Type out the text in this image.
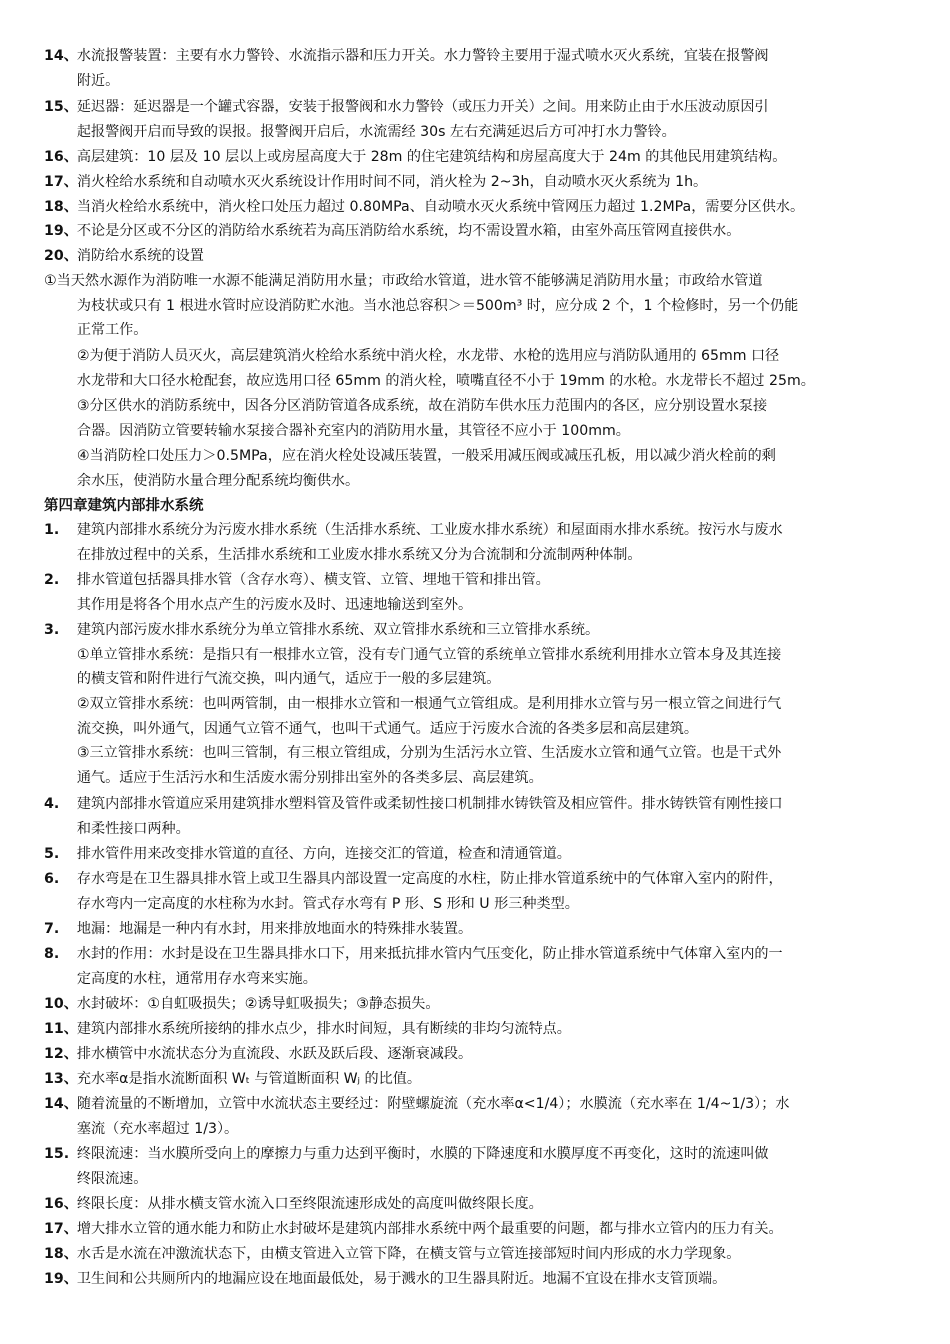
14、
水流报警装置：主要有水力警铃、水流指示器和压力开关。水力警铃主要用于湿式喷水灭火系统，宜装在报警阀
附近。
15、
延迟器：延迟器是一个罐式容器，安装于报警阀和水力警铃（或压力开关）之间。用来防止由于水压波动原因引
起报警阀开启而导致的误报。报警阀开启后，水流需经 30s 左右充满延迟后方可冲打水力警铃。
16、
高层建筑：10 层及 10 层以上或房屋高度大于 28m 的住宅建筑结构和房屋高度大于 24m 的其他民用建筑结构。
17、
消火栓给水系统和自动喷水灭火系统设计作用时间不同，消火栓为 2~3h，自动喷水灭火系统为 1h。
18、
当消火栓给水系统中，消火栓口处压力超过 0.80MPa、自动喷水灭火系统中管网压力超过 1.2MPa，需要分区供水。
19、
不论是分区或不分区的消防给水系统若为高压消防给水系统，均不需设置水箱，由室外高压管网直接供水。
20、
消防给水系统的设置
①当天然水源作为消防唯一水源不能满足消防用水量；市政给水管道，进水管不能够满足消防用水量；市政给水管道
为枝状或只有 1 根进水管时应设消防贮水池。当水池总容积＞＝500m³ 时，应分成 2 个，1 个检修时，另一个仍能
正常工作。
②为便于消防人员灭火，高层建筑消火栓给水系统中消火栓，水龙带、水枪的选用应与消防队通用的 65mm 口径
水龙带和大口径水枪配套，故应选用口径 65mm 的消火栓，喷嘴直径不小于 19mm 的水枪。水龙带长不超过 25m。
③分区供水的消防系统中，因各分区消防管道各成系统，故在消防车供水压力范围内的各区，应分别设置水泵接
合器。因消防立管要转输水泵接合器补充室内的消防用水量，其管径不应小于 100mm。
④当消防栓口处压力＞0.5MPa，应在消火栓处设减压装置，一般采用减压阀或减压孔板，用以减少消火栓前的剩
余水压，使消防水量合理分配系统均衡供水。
第四章建筑内部排水系统
1.	建筑内部排水系统分为污废水排水系统（生活排水系统、工业废水排水系统）和屋面雨水排水系统。按污水与废水
在排放过程中的关系，生活排水系统和工业废水排水系统又分为合流制和分流制两种体制。
2.	排水管道包括器具排水管（含存水弯）、横支管、立管、埋地干管和排出管。
其作用是将各个用水点产生的污废水及时、迅速地输送到室外。
3.	建筑内部污废水排水系统分为单立管排水系统、双立管排水系统和三立管排水系统。
①单立管排水系统：是指只有一根排水立管，没有专门通气立管的系统单立管排水系统利用排水立管本身及其连接
的横支管和附件进行气流交换，叫内通气，适应于一般的多层建筑。
②双立管排水系统：也叫两管制，由一根排水立管和一根通气立管组成。是利用排水立管与另一根立管之间进行气
流交换，叫外通气，因通气立管不通气，也叫干式通气。适应于污废水合流的各类多层和高层建筑。
③三立管排水系统：也叫三管制，有三根立管组成，分别为生活污水立管、生活废水立管和通气立管。也是干式外
通气。适应于生活污水和生活废水需分别排出室外的各类多层、高层建筑。
4.	建筑内部排水管道应采用建筑排水塑料管及管件或柔韧性接口机制排水铸铁管及相应管件。排水铸铁管有刚性接口
和柔性接口两种。
5.	排水管件用来改变排水管道的直径、方向，连接交汇的管道，检查和清通管道。
6.	存水弯是在卫生器具排水管上或卫生器具内部设置一定高度的水柱，防止排水管道系统中的气体窜入室内的附件，
存水弯内一定高度的水柱称为水封。管式存水弯有 P 形、S 形和 U 形三种类型。
7.	地漏：地漏是一种内有水封，用来排放地面水的特殊排水装置。
8.	水封的作用：水封是设在卫生器具排水口下，用来抵抗排水管内气压变化，防止排水管道系统中气体窜入室内的一
定高度的水柱，通常用存水弯来实施。
10、
水封破坏：①自虹吸损失；②诱导虹吸损失；③静态损失。
11、
建筑内部排水系统所接纳的排水点少，排水时间短，具有断续的非均匀流特点。
12、
排水横管中水流状态分为直流段、水跃及跃后段、逐渐衰减段。
13、
充水率α是指水流断面积 Wₜ 与管道断面积 Wⱼ 的比值。
14、
随着流量的不断增加，立管中水流状态主要经过：附壁螺旋流（充水率α<1/4）；水膜流（充水率在 1/4~1/3）；水
塞流（充水率超过 1/3）。
15. 终限流速：当水膜所受向上的摩擦力与重力达到平衡时，水膜的下降速度和水膜厚度不再变化，这时的流速叫做
终限流速。
16、
终限长度：从排水横支管水流入口至终限流速形成处的高度叫做终限长度。
17、
增大排水立管的通水能力和防止水封破坏是建筑内部排水系统中两个最重要的问题，都与排水立管内的压力有关。
18、
水舌是水流在冲激流状态下，由横支管进入立管下降，在横支管与立管连接部短时间内形成的水力学现象。
19、
卫生间和公共厕所内的地漏应设在地面最低处，易于溅水的卫生器具附近。地漏不宜设在排水支管顶端。
